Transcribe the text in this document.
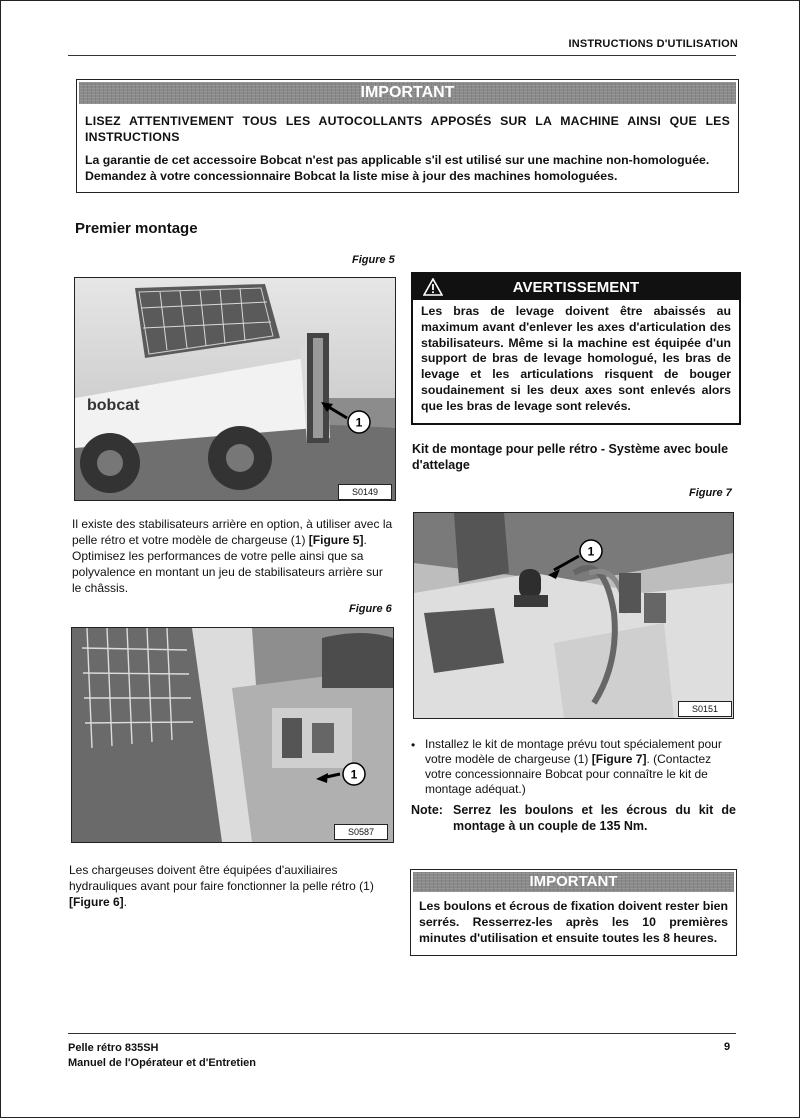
INSTRUCTIONS D'UTILISATION
IMPORTANT
LISEZ ATTENTIVEMENT TOUS LES AUTOCOLLANTS APPOSÉS SUR LA MACHINE AINSI QUE LES INSTRUCTIONS
La garantie de cet accessoire Bobcat n'est pas applicable s'il est utilisé sur une machine non-homologuée. Demandez à votre concessionnaire Bobcat la liste mise à jour des machines homologuées.
Premier montage
Figure 5
bobcat
1
S0149
AVERTISSEMENT
Les bras de levage doivent être abaissés au maximum avant d'enlever les axes d'articulation des stabilisateurs. Même si la machine est équipée d'un support de bras de levage homologué, les bras de levage et les articulations risquent de bouger soudainement si les deux axes sont enlevés alors que les bras de levage sont relevés.
Kit de montage pour pelle rétro - Système avec boule d'attelage
Figure 7
1
S0151
Il existe des stabilisateurs arrière en option, à utiliser avec la pelle rétro et votre modèle de chargeuse (1) [Figure 5]. Optimisez les performances de votre pelle ainsi que sa polyvalence en montant un jeu de stabilisateurs arrière sur le châssis.
Figure 6
1
S0587
• Installez le kit de montage prévu tout spécialement pour votre modèle de chargeuse (1) [Figure 7]. (Contactez votre concessionnaire Bobcat pour connaître le kit de montage adéquat.)
Note: Serrez les boulons et les écrous du kit de montage à un couple de 135 Nm.
Les chargeuses doivent être équipées d'auxiliaires hydrauliques avant pour faire fonctionner la pelle rétro (1) [Figure 6].
IMPORTANT
Les boulons et écrous de fixation doivent rester bien serrés. Resserrez-les après les 10 premières minutes d'utilisation et ensuite toutes les 8 heures.
Pelle rétro 835SH
Manuel de l'Opérateur et d'Entretien
9
